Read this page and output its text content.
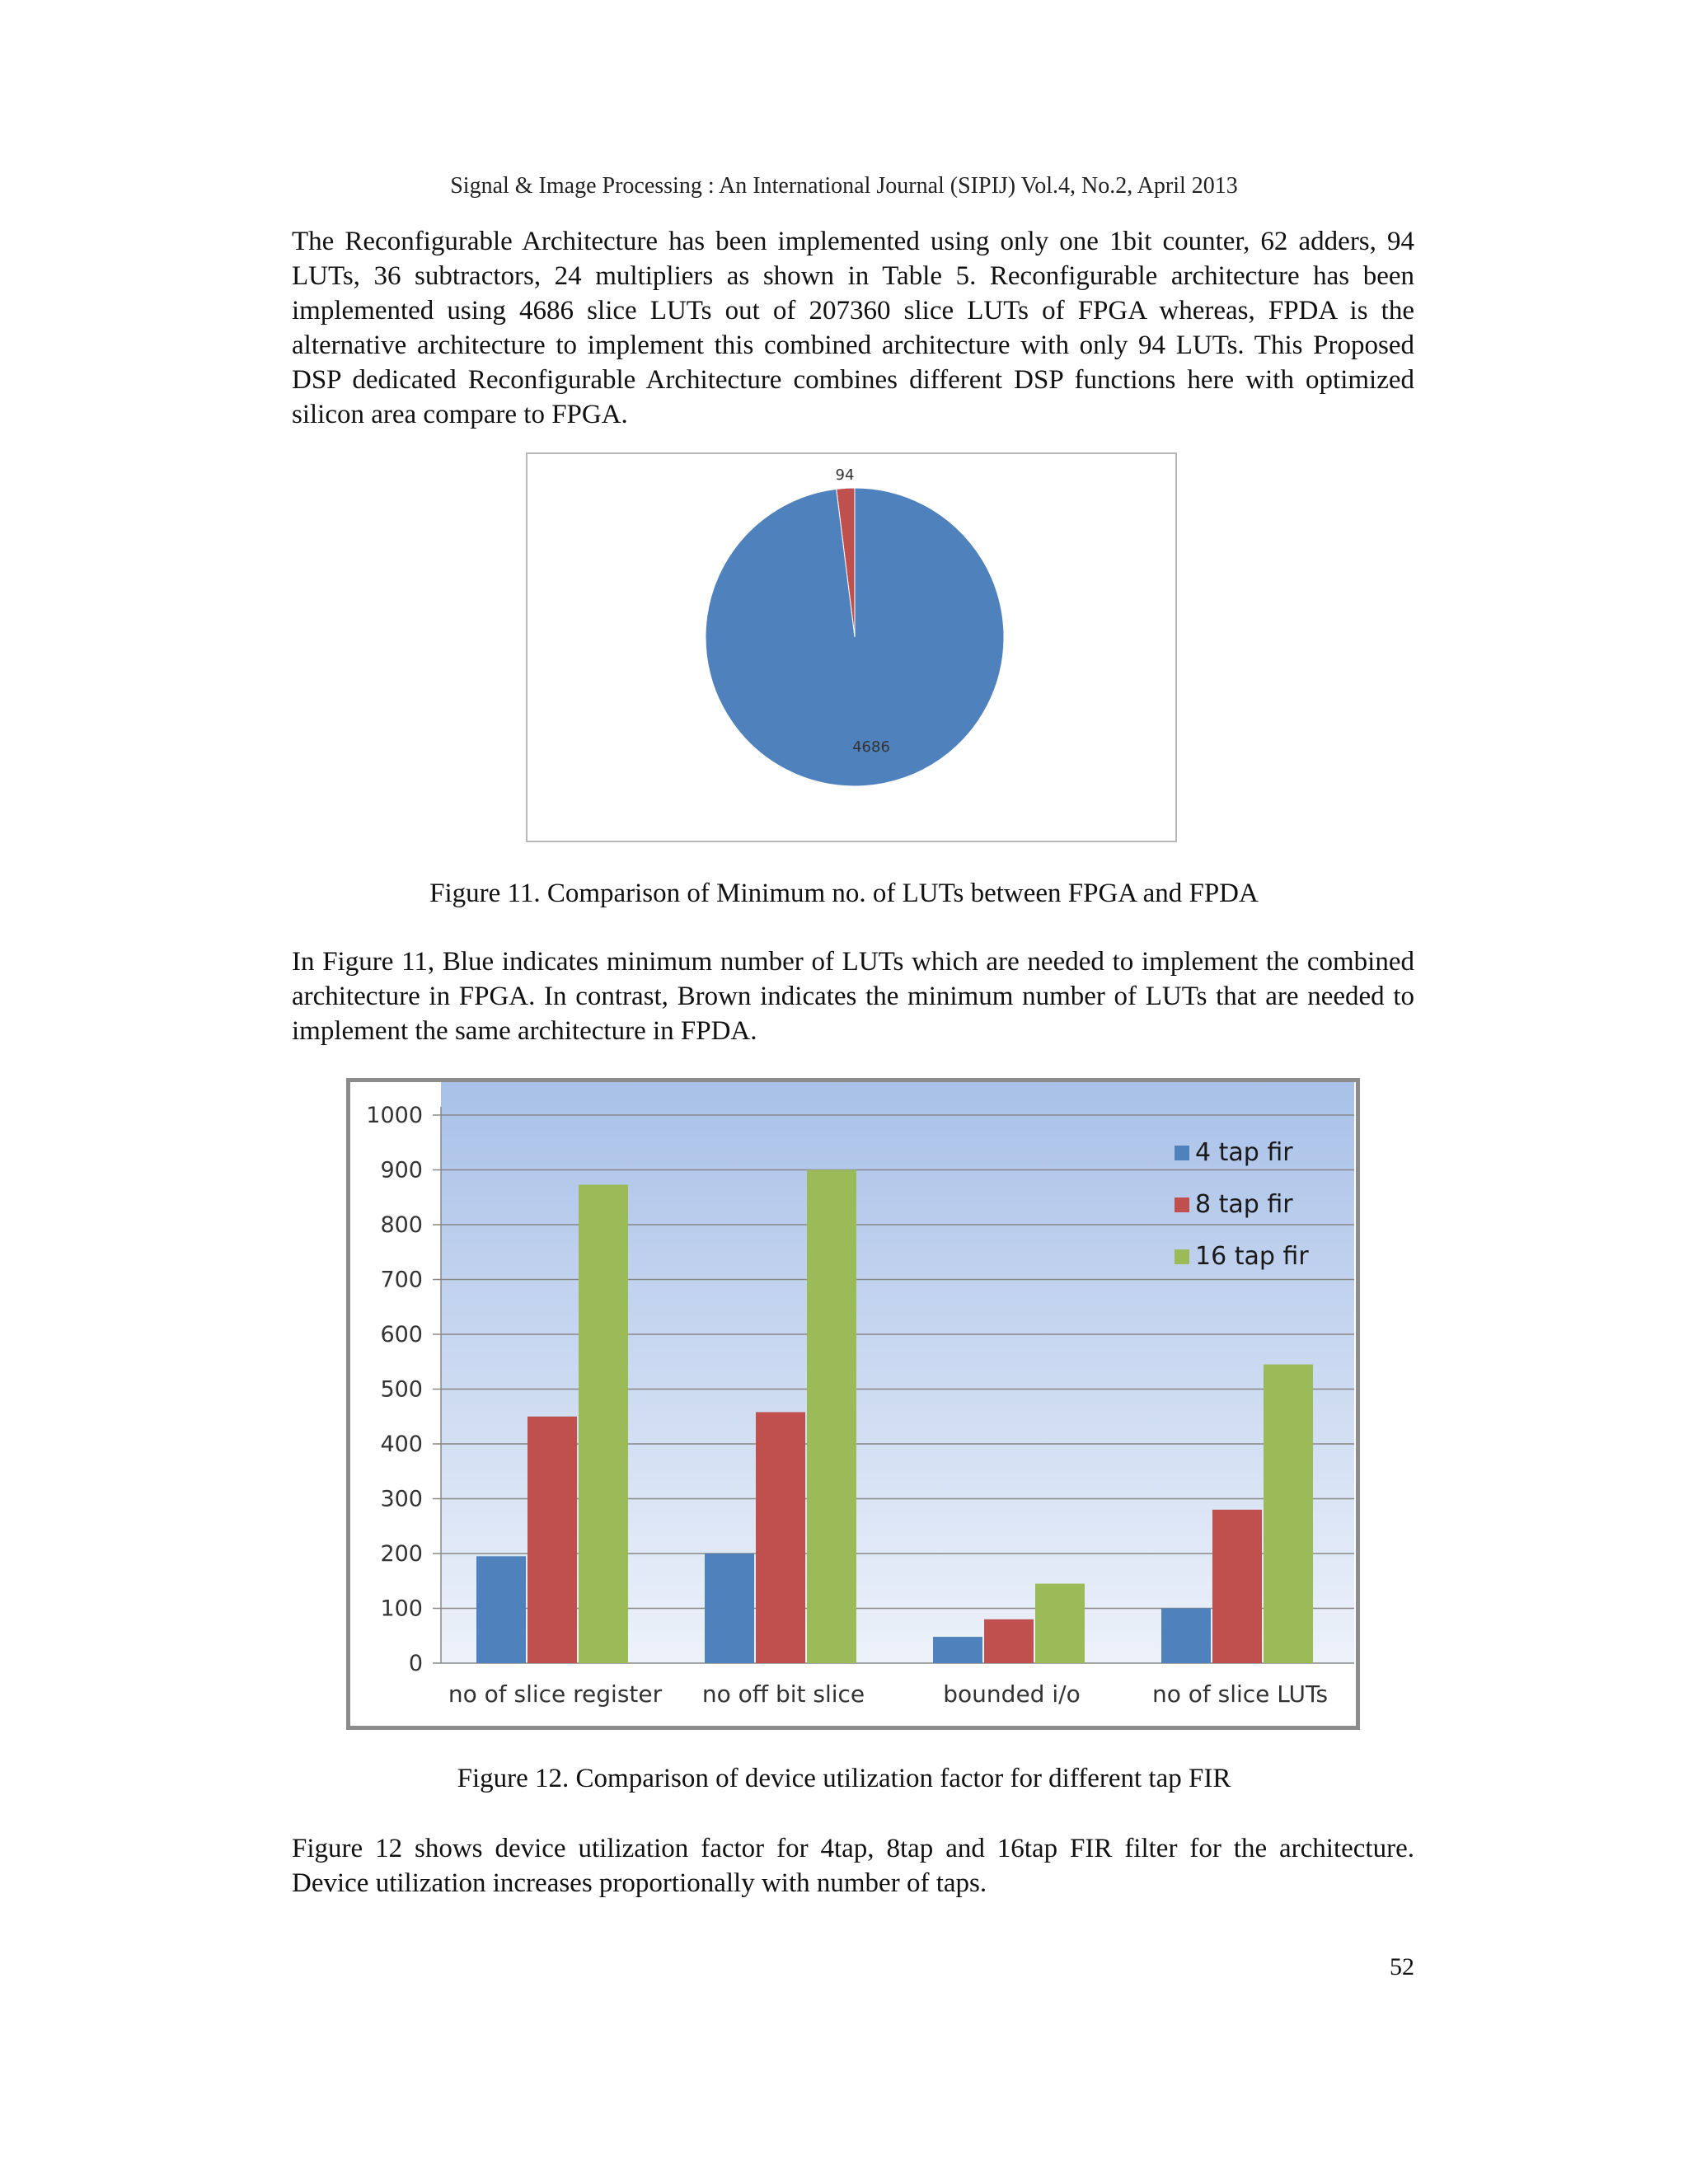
Signal & Image Processing : An International Journal (SIPIJ) Vol.4, No.2, April 2013

The Reconfigurable Architecture has been implemented using only one 1bit counter, 62 adders, 94 LUTs, 36 subtractors, 24 multipliers as shown in Table 5. Reconfigurable architecture has been implemented using 4686 slice LUTs out of 207360 slice LUTs of FPGA whereas, FPDA is the alternative architecture to implement this combined architecture with only 94 LUTs. This Proposed DSP dedicated Reconfigurable Architecture combines different DSP functions here with optimized silicon area compare to FPGA.

94
4686

Figure 11. Comparison of Minimum no. of LUTs between FPGA and FPDA

In Figure 11, Blue indicates minimum number of LUTs which are needed to implement the combined architecture in FPGA. In contrast, Brown indicates the minimum number of LUTs that are needed to implement the same architecture in FPDA.

0
100
200
300
400
500
600
700
800
900
1000
no of slice register no off bit slice	bounded i/o	no of slice LUTs
4 tap fir
8 tap fir
16 tap fir

Figure 12. Comparison of device utilization factor for different tap FIR

Figure 12 shows device utilization factor for 4tap, 8tap and 16tap FIR filter for the architecture. Device utilization increases proportionally with number of taps.

52
